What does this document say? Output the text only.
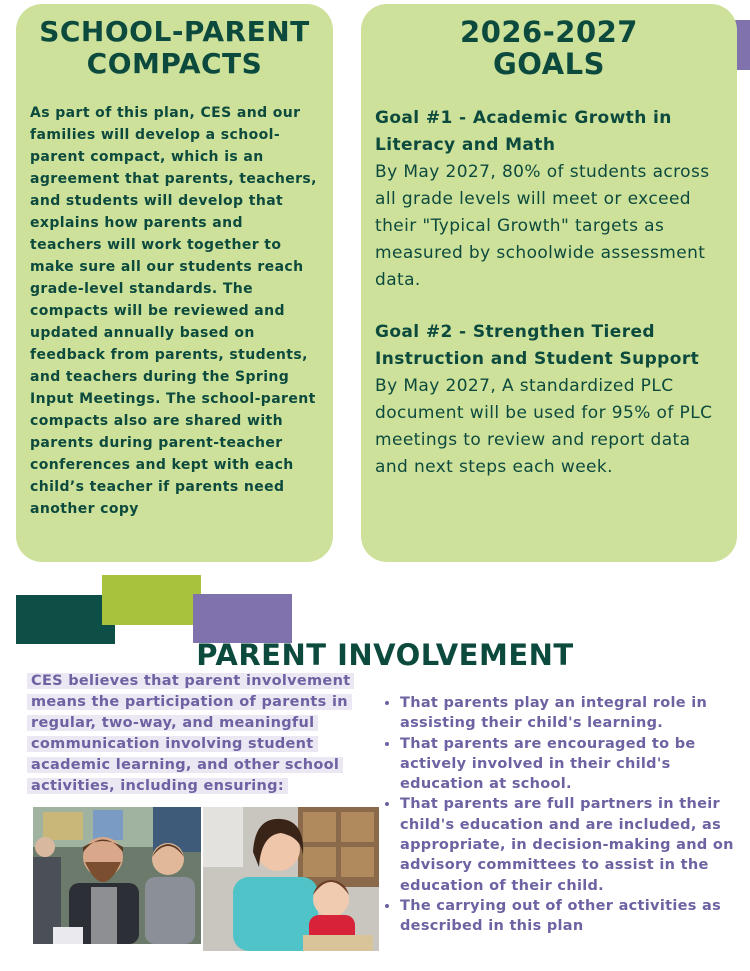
SCHOOL-PARENT
COMPACTS

As part of this plan, CES and our families will develop a school-parent compact, which is an agreement that parents, teachers, and students will develop that explains how parents and teachers will work together to make sure all our students reach grade-level standards. The compacts will be reviewed and updated annually based on feedback from parents, students, and teachers during the Spring Input Meetings. The school-parent compacts also are shared with parents during parent-teacher conferences and kept with each child’s teacher if parents need another copy

2026-2027
GOALS

Goal #1 - Academic Growth in Literacy and Math

By May 2027, 80% of students across all grade levels will meet or exceed their "Typical Growth" targets as measured by schoolwide assessment data.

Goal #2 - Strengthen Tiered Instruction and Student Support

By May 2027, A standardized PLC document will be used for 95% of PLC meetings to review and report data and next steps each week.

PARENT INVOLVEMENT

CES believes that parent involvement means the participation of parents in regular, two-way, and meaningful communication involving student academic learning, and other school activities, including ensuring:

• That parents play an integral role in assisting their child's learning.
• That parents are encouraged to be actively involved in their child's education at school.
• That parents are full partners in their child's education and are included, as appropriate, in decision-making and on advisory committees to assist in the education of their child.
• The carrying out of other activities as described in this plan
